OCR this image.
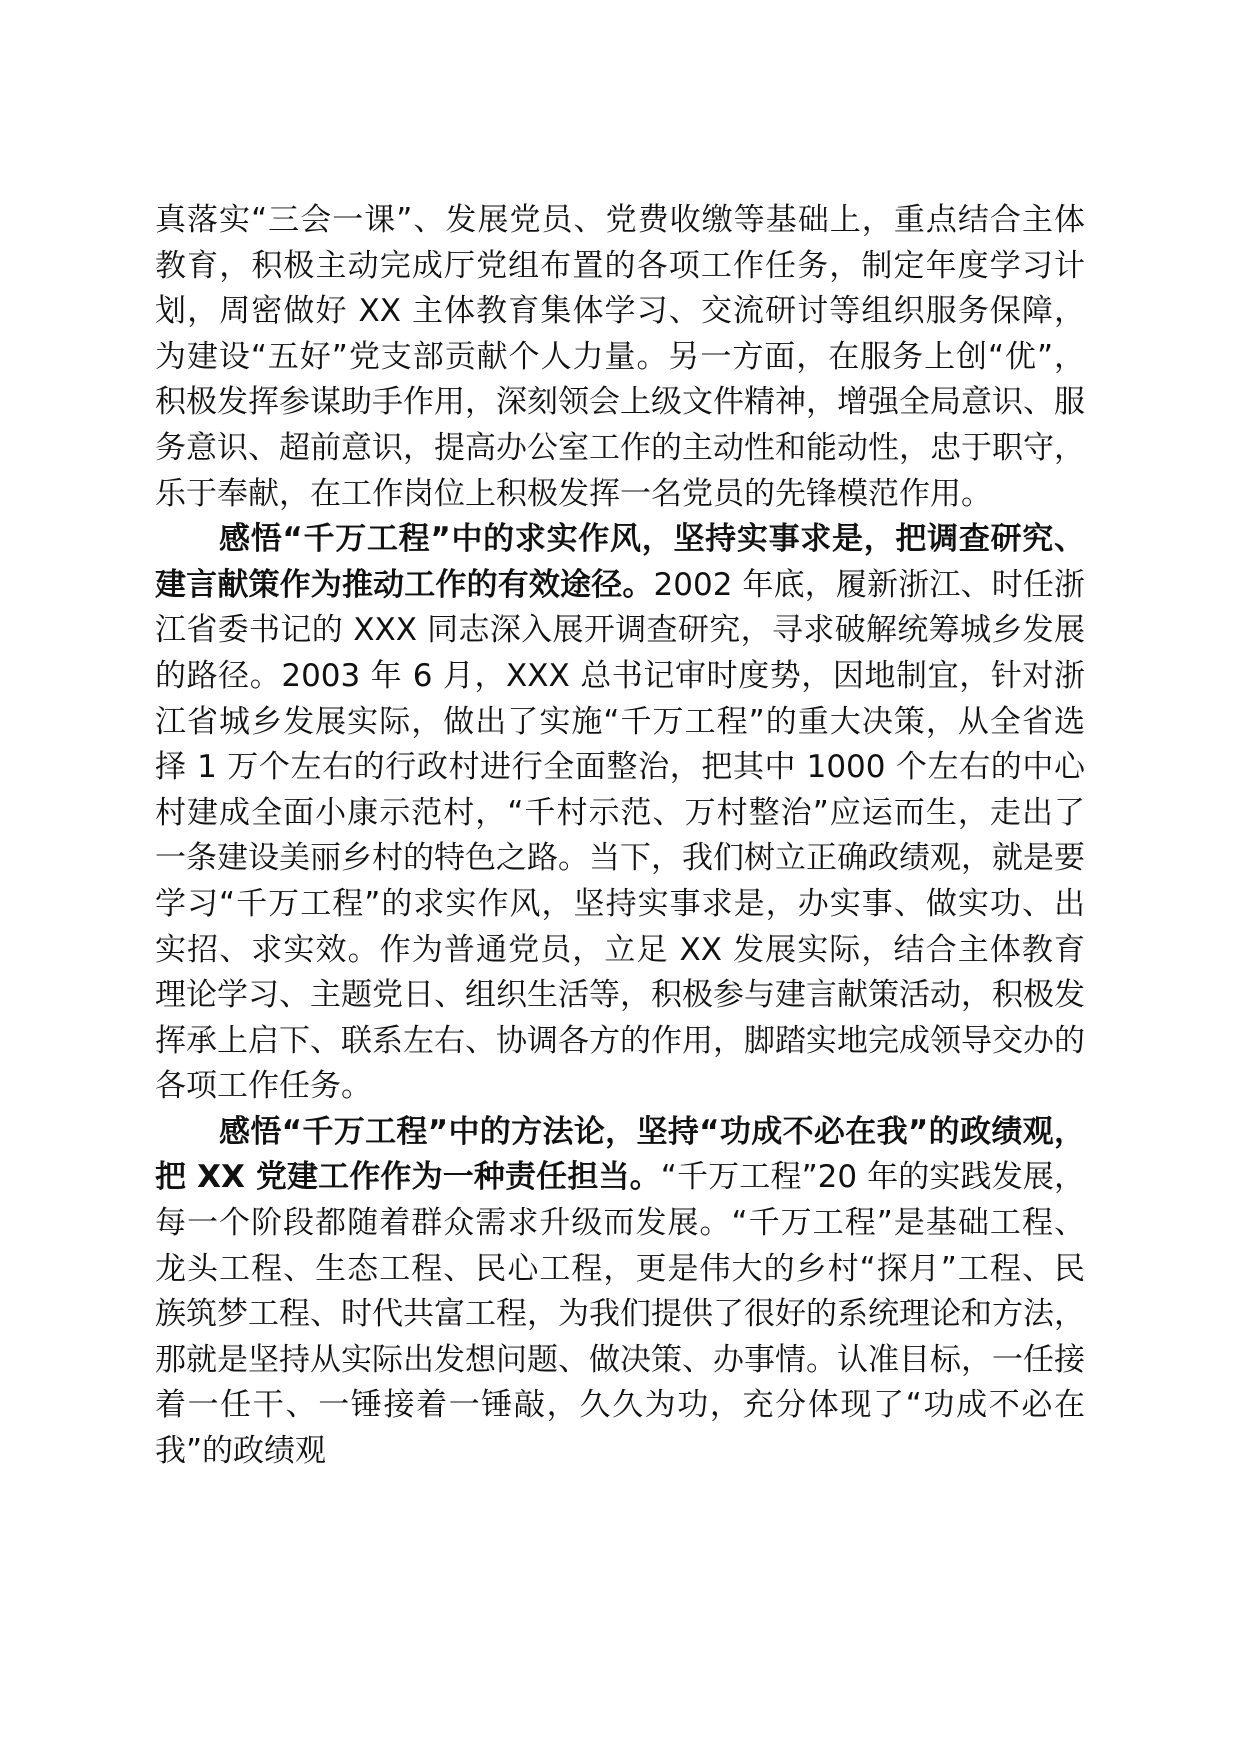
真落实“三会一课”、发展党员、党费收缴等基础上，重点结合主体教育，积极主动完成厅党组布置的各项工作任务，制定年度学习计划，周密做好 XX 主体教育集体学习、交流研讨等组织服务保障，为建设“五好”党支部贡献个人力量。另一方面，在服务上创“优”，积极发挥参谋助手作用，深刻领会上级文件精神，增强全局意识、服务意识、超前意识，提高办公室工作的主动性和能动性，忠于职守，乐于奉献，在工作岗位上积极发挥一名党员的先锋模范作用。

感悟“千万工程”中的求实作风，坚持实事求是，把调查研究、建言献策作为推动工作的有效途径。2002 年底，履新浙江、时任浙江省委书记的 XXX 同志深入展开调查研究，寻求破解统筹城乡发展的路径。2003 年 6 月，XXX 总书记审时度势，因地制宜，针对浙江省城乡发展实际，做出了实施“千万工程”的重大决策，从全省选择 1 万个左右的行政村进行全面整治，把其中 1000 个左右的中心村建成全面小康示范村，“千村示范、万村整治”应运而生，走出了一条建设美丽乡村的特色之路。当下，我们树立正确政绩观，就是要学习“千万工程”的求实作风，坚持实事求是，办实事、做实功、出实招、求实效。作为普通党员，立足 XX 发展实际，结合主体教育理论学习、主题党日、组织生活等，积极参与建言献策活动，积极发挥承上启下、联系左右、协调各方的作用，脚踏实地完成领导交办的各项工作任务。

感悟“千万工程”中的方法论，坚持“功成不必在我”的政绩观，把 XX 党建工作作为一种责任担当。“千万工程”20 年的实践发展，每一个阶段都随着群众需求升级而发展。“千万工程”是基础工程、龙头工程、生态工程、民心工程，更是伟大的乡村“探月”工程、民族筑梦工程、时代共富工程，为我们提供了很好的系统理论和方法，那就是坚持从实际出发想问题、做决策、办事情。认准目标，一任接着一任干、一锤接着一锤敲，久久为功，充分体现了“功成不必在我”的政绩观
